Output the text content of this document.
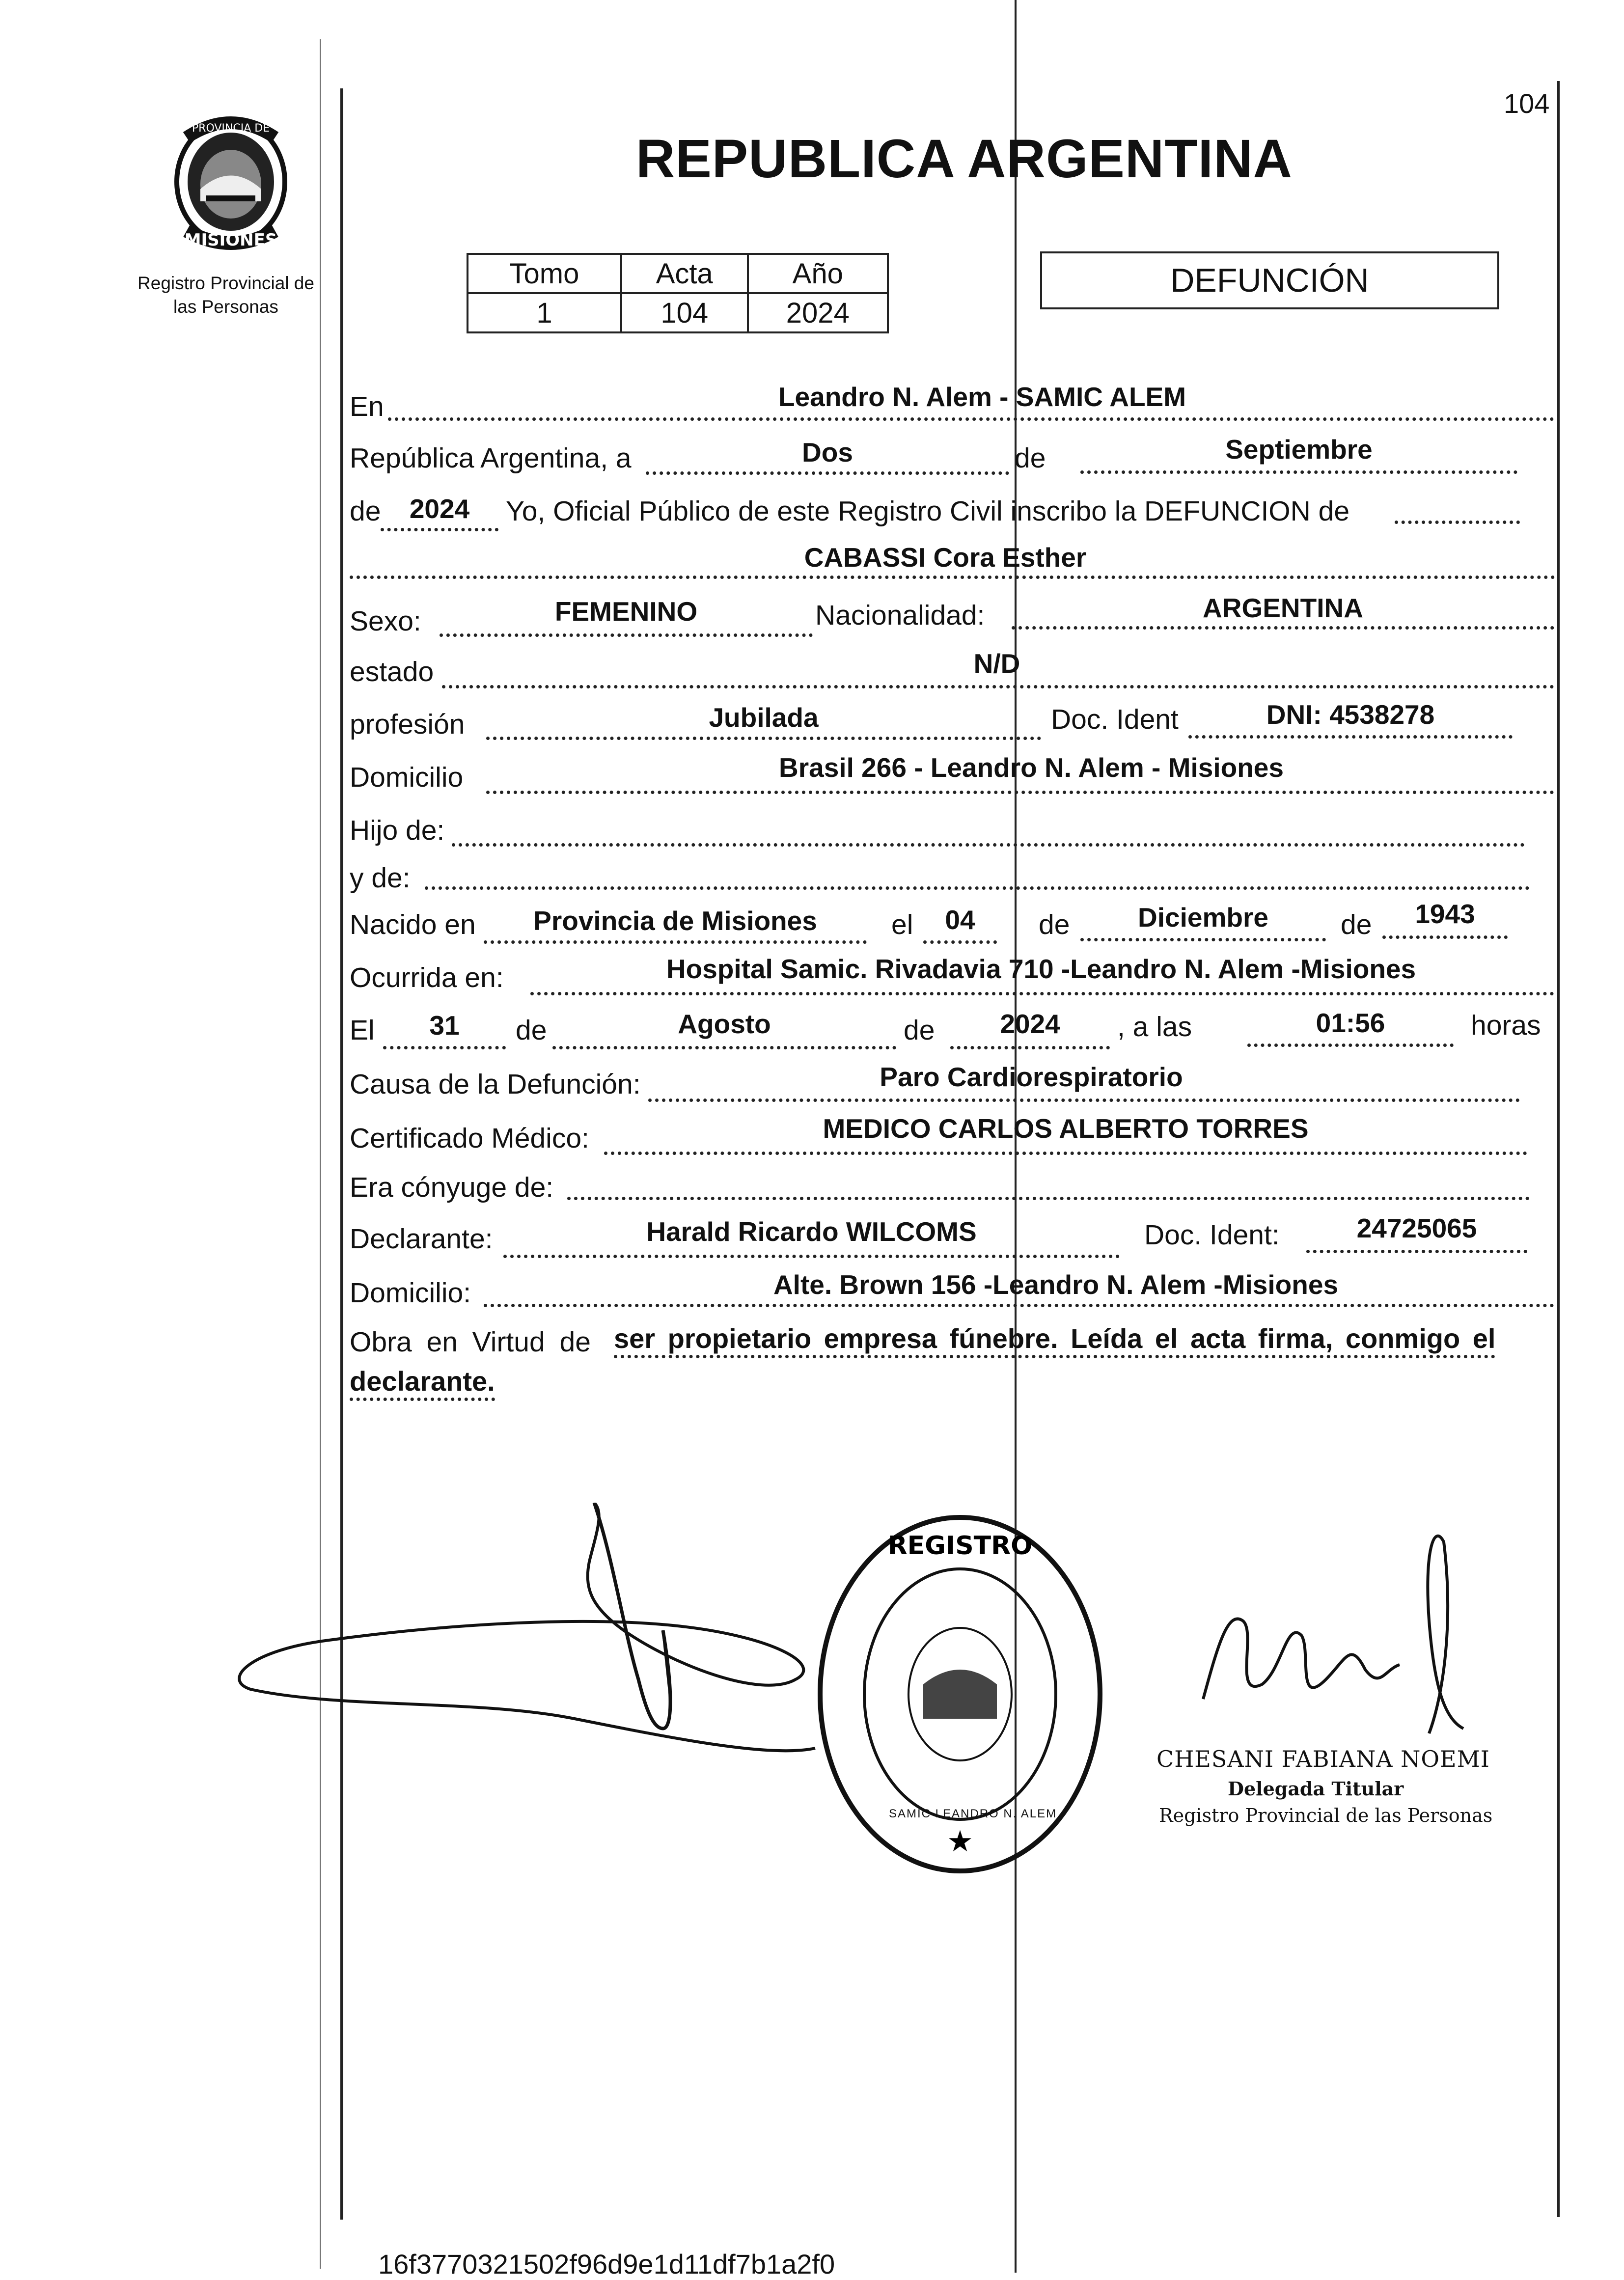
104
PROVINCIA DE
MISIONES
Registro Provincial de
las Personas
REPUBLICA ARGENTINA
Tomo	Acta	Año
1	104	2024
DEFUNCIÓN
En	Leandro N. Alem - SAMIC ALEM
República Argentina, a	Dos	de	Septiembre
de	2024	Yo, Oficial Público de este Registro Civil inscribo la DEFUNCION de
CABASSI Cora Esther
Sexo:	FEMENINO	Nacionalidad:	ARGENTINA
estado	N/D
profesión	Jubilada	Doc. Ident	DNI: 4538278
Domicilio	Brasil 266 - Leandro N. Alem - Misiones
Hijo de:
y de:
Nacido en	Provincia de Misiones	el	04	de	Diciembre	de	1943
Ocurrida en:	Hospital Samic. Rivadavia 710 -Leandro N. Alem -Misiones
El	31	de	Agosto	de	2024	, a las	01:56	horas
Causa de la Defunción:	Paro Cardiorespiratorio
Certificado Médico:	MEDICO CARLOS ALBERTO TORRES
Era cónyuge de:
Declarante:	Harald Ricardo WILCOMS	Doc. Ident:	24725065
Domicilio:	Alte. Brown 156 -Leandro N. Alem -Misiones
Obra en Virtud de ser propietario empresa fúnebre. Leída el acta firma, conmigo el
declarante.
REGISTRO
★
SAMIC LEANDRO N. ALEM
CHESANI FABIANA NOEMI
Delegada Titular
Registro Provincial de las Personas
16f3770321502f96d9e1d11df7b1a2f0
